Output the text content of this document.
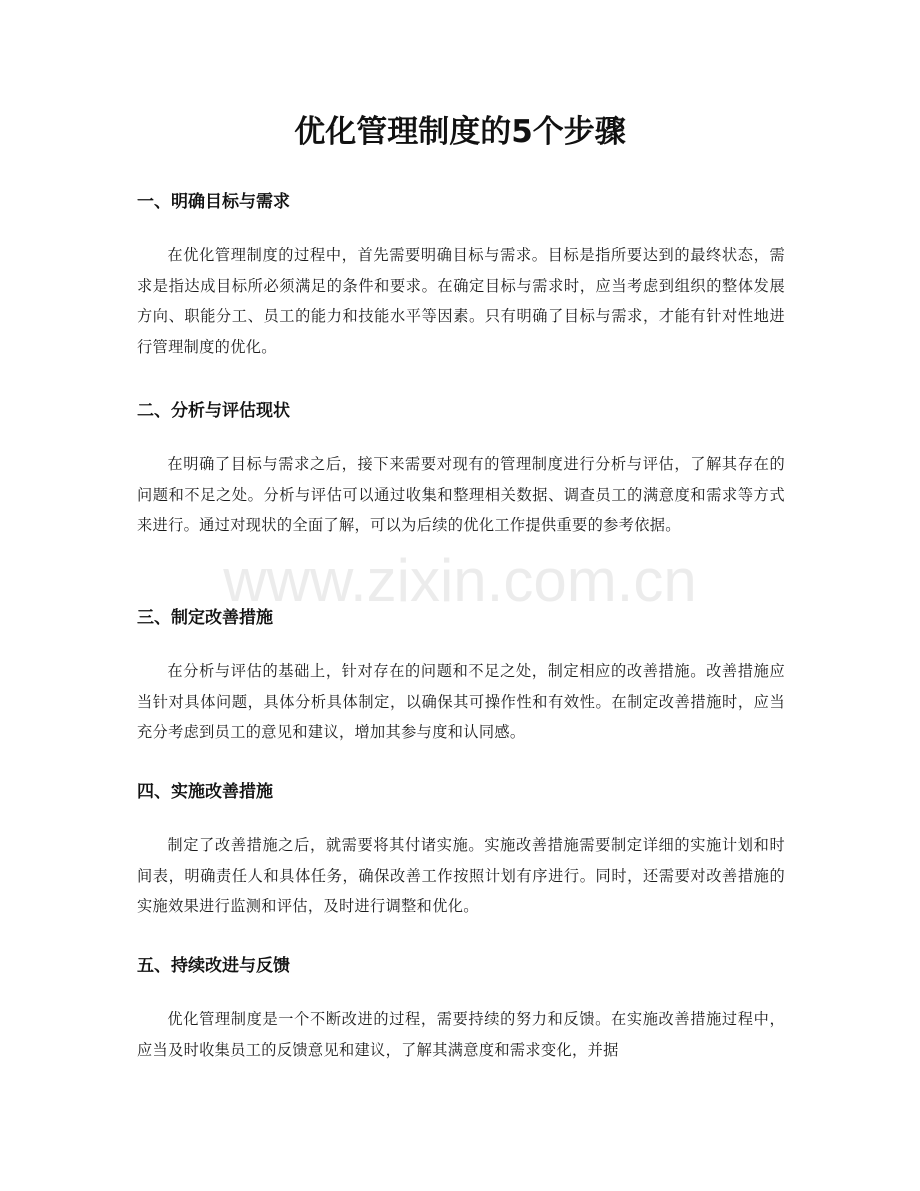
优化管理制度的5个步骤
一、明确目标与需求

在优化管理制度的过程中，首先需要明确目标与需求。目标是指所要达到的最终状态，需求是指达成目标所必须满足的条件和要求。在确定目标与需求时，应当考虑到组织的整体发展方向、职能分工、员工的能力和技能水平等因素。只有明确了目标与需求，才能有针对性地进行管理制度的优化。

二、分析与评估现状

在明确了目标与需求之后，接下来需要对现有的管理制度进行分析与评估，了解其存在的问题和不足之处。分析与评估可以通过收集和整理相关数据、调查员工的满意度和需求等方式来进行。通过对现状的全面了解，可以为后续的优化工作提供重要的参考依据。

三、制定改善措施

在分析与评估的基础上，针对存在的问题和不足之处，制定相应的改善措施。改善措施应当针对具体问题，具体分析具体制定，以确保其可操作性和有效性。在制定改善措施时，应当充分考虑到员工的意见和建议，增加其参与度和认同感。

四、实施改善措施

制定了改善措施之后，就需要将其付诸实施。实施改善措施需要制定详细的实施计划和时间表，明确责任人和具体任务，确保改善工作按照计划有序进行。同时，还需要对改善措施的实施效果进行监测和评估，及时进行调整和优化。

五、持续改进与反馈

优化管理制度是一个不断改进的过程，需要持续的努力和反馈。在实施改善措施过程中，应当及时收集员工的反馈意见和建议，了解其满意度和需求变化，并据

www.zixin.com.cn
